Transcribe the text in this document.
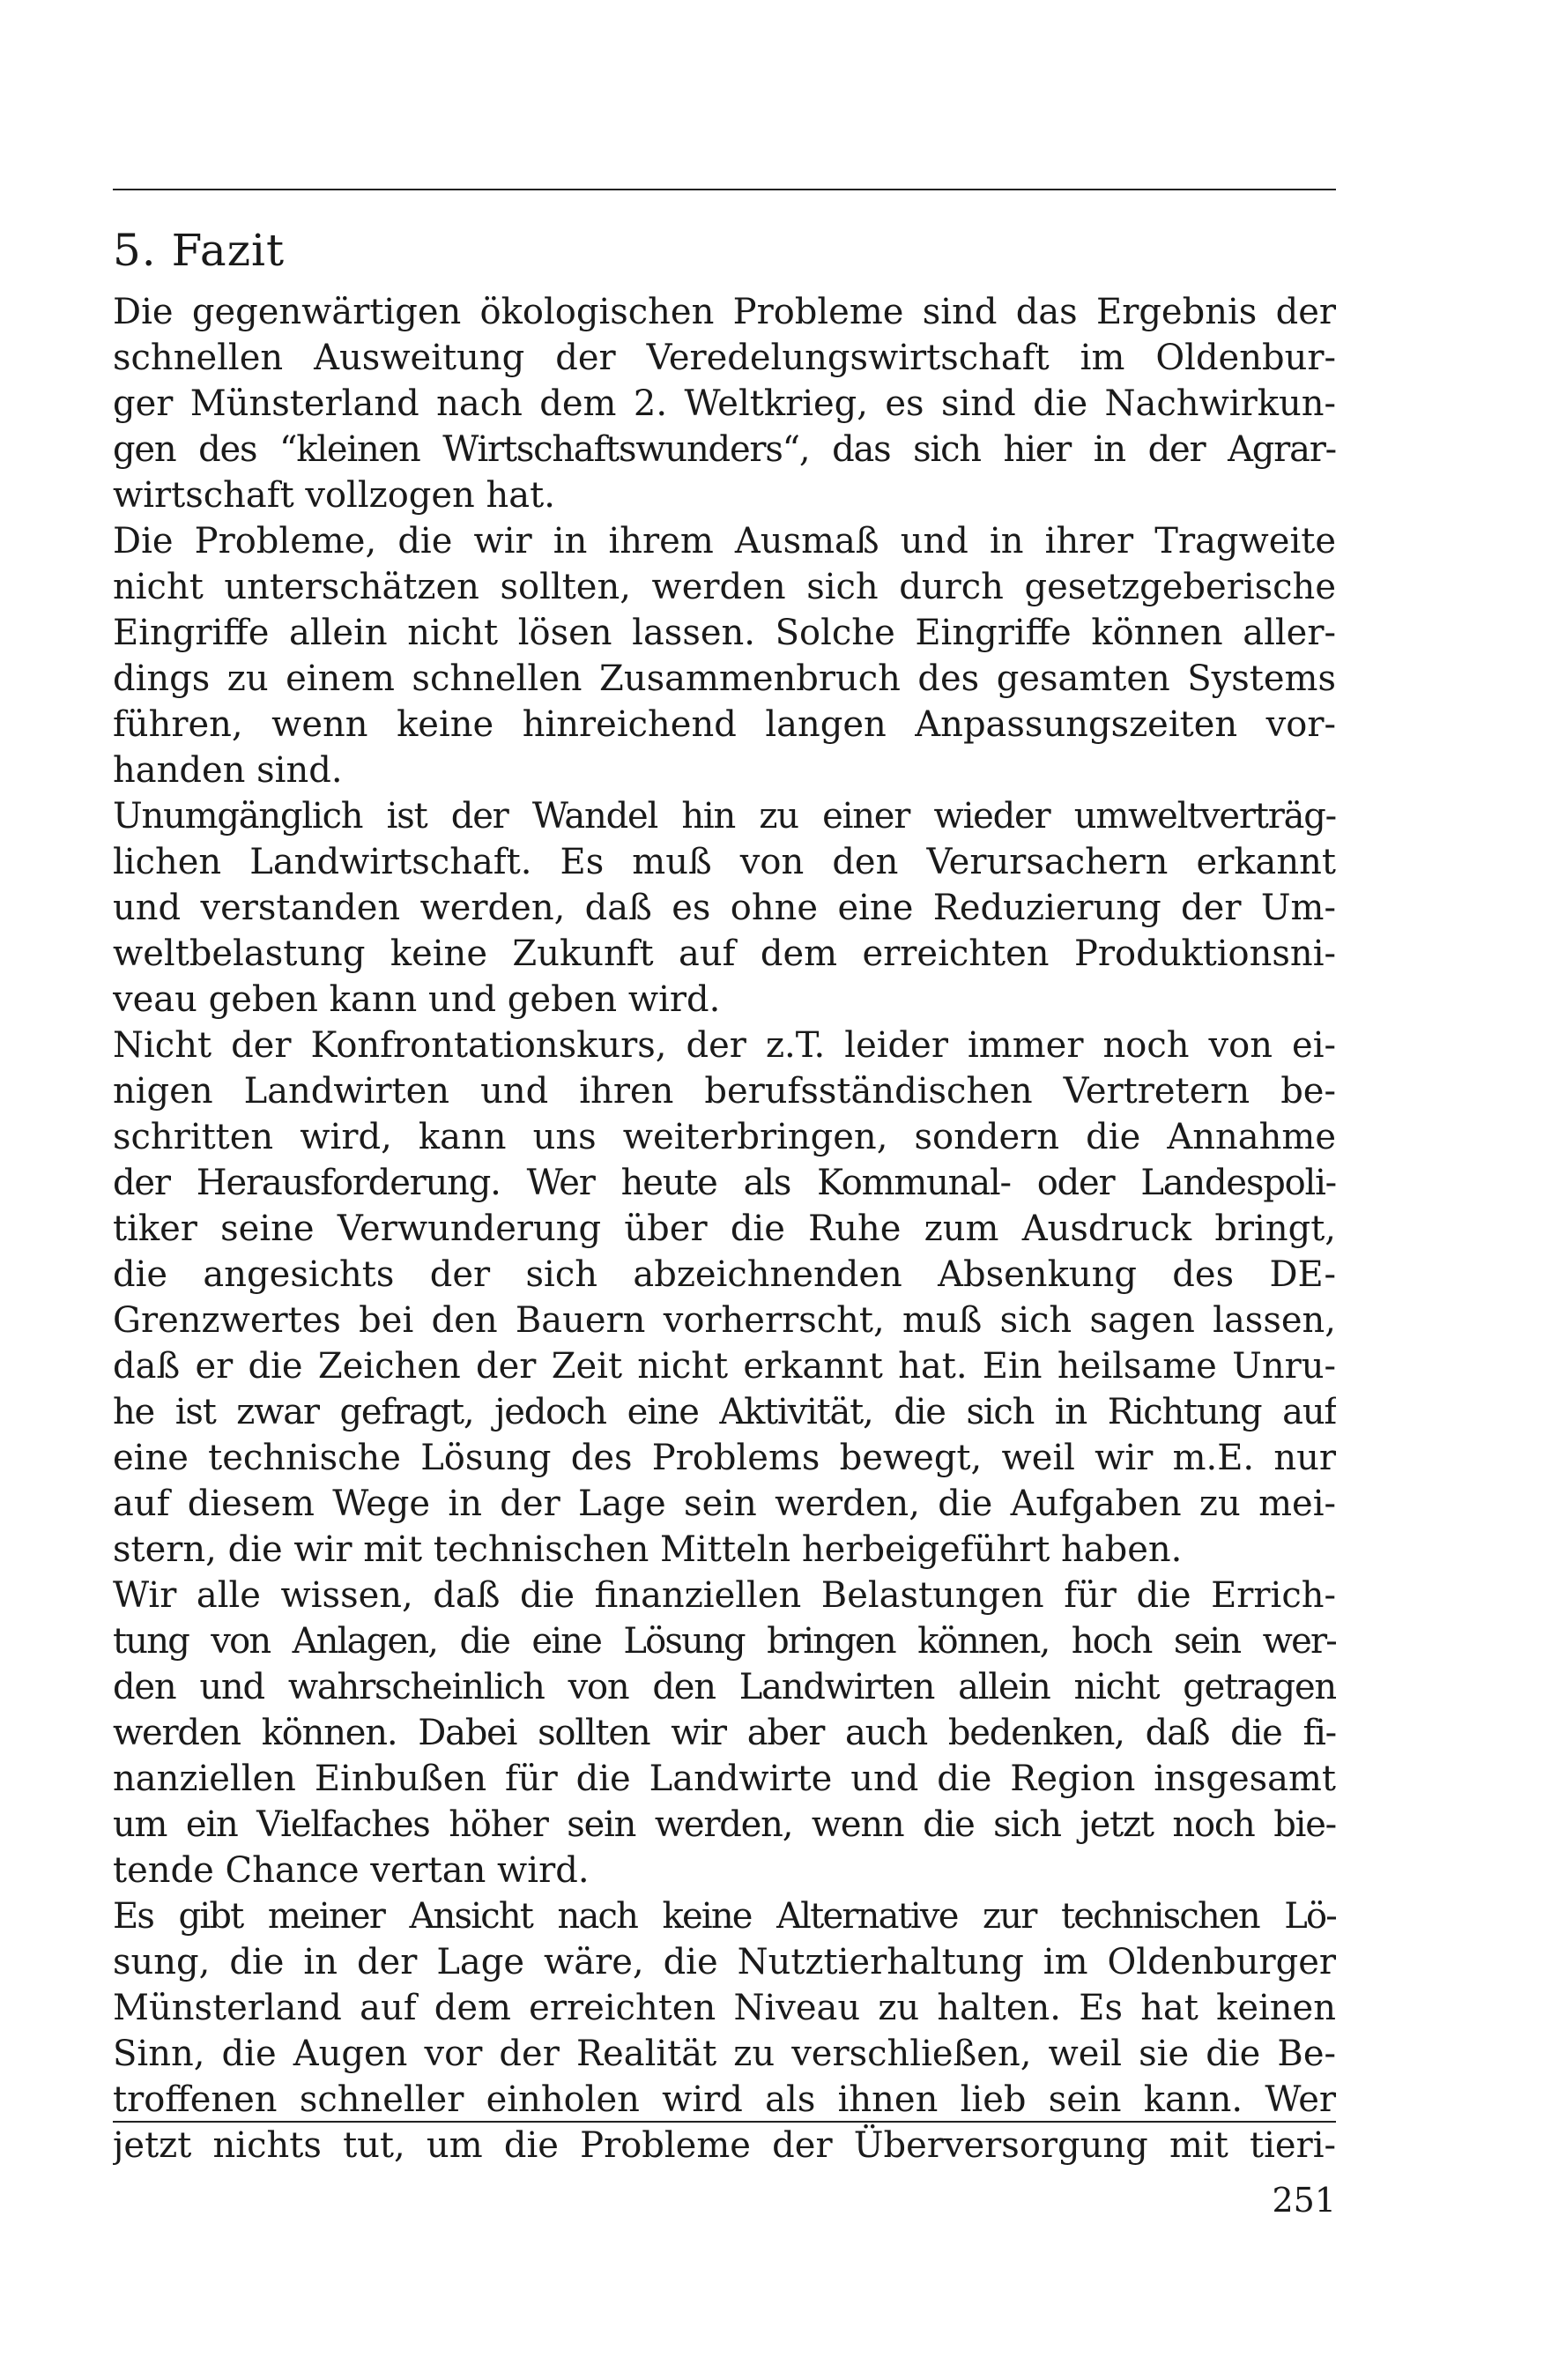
5. Fazit
Die gegenwärtigen ökologischen Probleme sind das Ergebnis der
schnellen Ausweitung der Veredelungswirtschaft im Oldenbur-
ger Münsterland nach dem 2. Weltkrieg, es sind die Nachwirkun-
gen des “kleinen Wirtschaftswunders“, das sich hier in der Agrar-
wirtschaft vollzogen hat.
Die Probleme, die wir in ihrem Ausmaß und in ihrer Tragweite
nicht unterschätzen sollten, werden sich durch gesetzgeberische
Eingriffe allein nicht lösen lassen. Solche Eingriffe können aller-
dings zu einem schnellen Zusammenbruch des gesamten Systems
führen, wenn keine hinreichend langen Anpassungszeiten vor-
handen sind.
Unumgänglich ist der Wandel hin zu einer wieder umweltverträg-
lichen Landwirtschaft. Es muß von den Verursachern erkannt
und verstanden werden, daß es ohne eine Reduzierung der Um-
weltbelastung keine Zukunft auf dem erreichten Produktionsni-
veau geben kann und geben wird.
Nicht der Konfrontationskurs, der z.T. leider immer noch von ei-
nigen Landwirten und ihren berufsständischen Vertretern be-
schritten wird, kann uns weiterbringen, sondern die Annahme
der Herausforderung. Wer heute als Kommunal- oder Landespoli-
tiker seine Verwunderung über die Ruhe zum Ausdruck bringt,
die angesichts der sich abzeichnenden Absenkung des DE-
Grenzwertes bei den Bauern vorherrscht, muß sich sagen lassen,
daß er die Zeichen der Zeit nicht erkannt hat. Ein heilsame Unru-
he ist zwar gefragt, jedoch eine Aktivität, die sich in Richtung auf
eine technische Lösung des Problems bewegt, weil wir m.E. nur
auf diesem Wege in der Lage sein werden, die Aufgaben zu mei-
stern, die wir mit technischen Mitteln herbeigeführt haben.
Wir alle wissen, daß die finanziellen Belastungen für die Errich-
tung von Anlagen, die eine Lösung bringen können, hoch sein wer-
den und wahrscheinlich von den Landwirten allein nicht getragen
werden können. Dabei sollten wir aber auch bedenken, daß die fi-
nanziellen Einbußen für die Landwirte und die Region insgesamt
um ein Vielfaches höher sein werden, wenn die sich jetzt noch bie-
tende Chance vertan wird.
Es gibt meiner Ansicht nach keine Alternative zur technischen Lö-
sung, die in der Lage wäre, die Nutztierhaltung im Oldenburger
Münsterland auf dem erreichten Niveau zu halten. Es hat keinen
Sinn, die Augen vor der Realität zu verschließen, weil sie die Be-
troffenen schneller einholen wird als ihnen lieb sein kann. Wer
jetzt nichts tut, um die Probleme der Überversorgung mit tieri-
251
